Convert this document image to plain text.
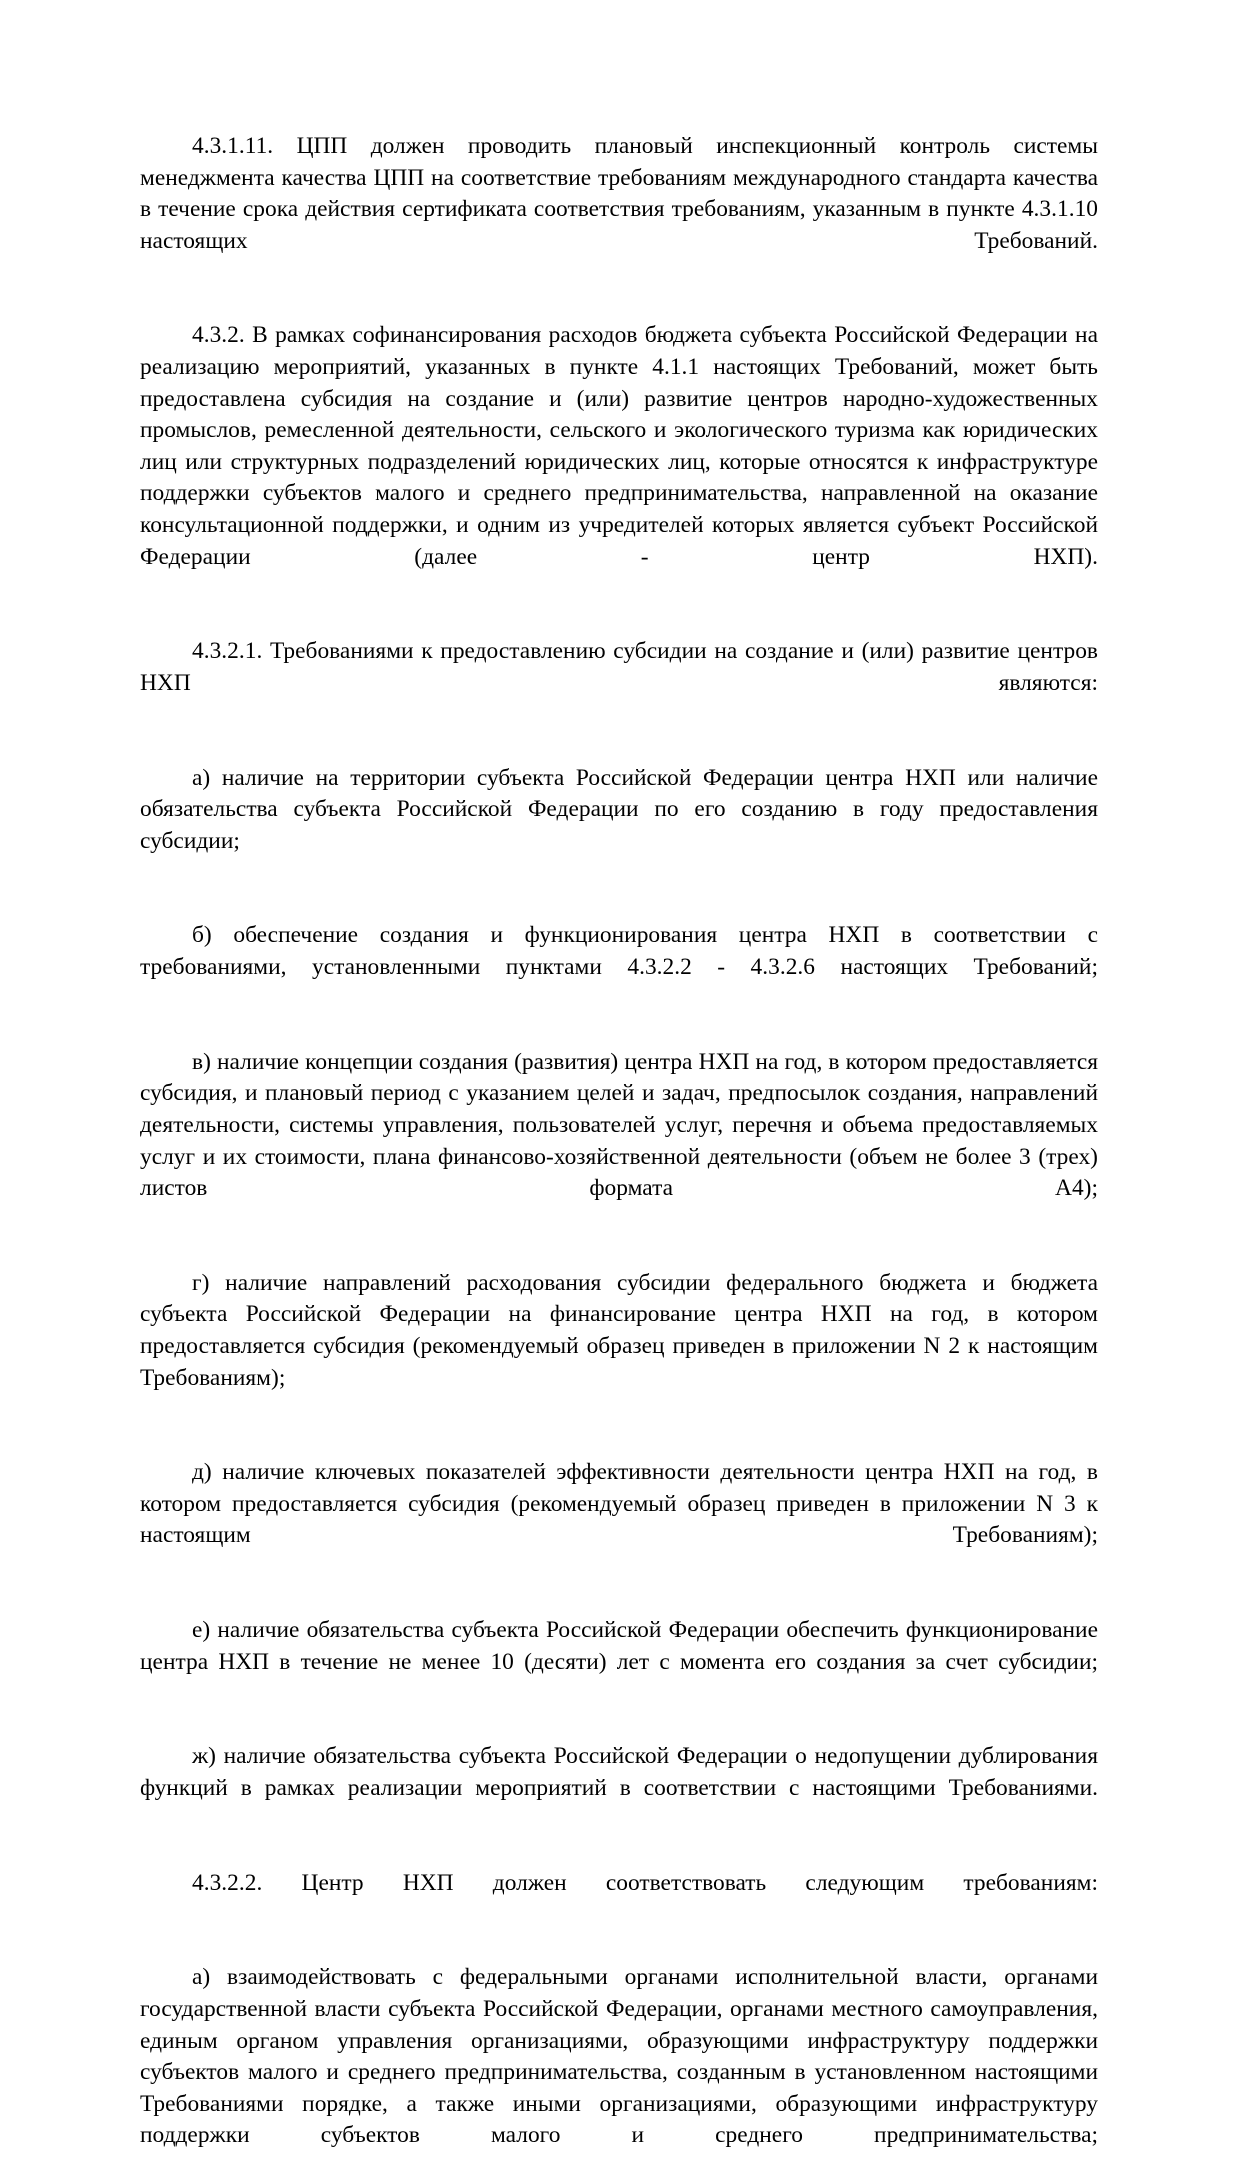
4.3.1.11. ЦПП должен проводить плановый инспекционный контроль системы менеджмента качества ЦПП на соответствие требованиям международного стандарта качества в течение срока действия сертификата соответствия требованиям, указанным в пункте 4.3.1.10 настоящих Требований.

4.3.2. В рамках софинансирования расходов бюджета субъекта Российской Федерации на реализацию мероприятий, указанных в пункте 4.1.1 настоящих Требований, может быть предоставлена субсидия на создание и (или) развитие центров народно-художественных промыслов, ремесленной деятельности, сельского и экологического туризма как юридических лиц или структурных подразделений юридических лиц, которые относятся к инфраструктуре поддержки субъектов малого и среднего предпринимательства, направленной на оказание консультационной поддержки, и одним из учредителей которых является субъект Российской Федерации (далее - центр НХП).

4.3.2.1. Требованиями к предоставлению субсидии на создание и (или) развитие центров НХП являются:

а) наличие на территории субъекта Российской Федерации центра НХП или наличие обязательства субъекта Российской Федерации по его созданию в году предоставления субсидии;

б) обеспечение создания и функционирования центра НХП в соответствии с требованиями, установленными пунктами 4.3.2.2 - 4.3.2.6 настоящих Требований;

в) наличие концепции создания (развития) центра НХП на год, в котором предоставляется субсидия, и плановый период с указанием целей и задач, предпосылок создания, направлений деятельности, системы управления, пользователей услуг, перечня и объема предоставляемых услуг и их стоимости, плана финансово-хозяйственной деятельности (объем не более 3 (трех) листов формата А4);

г) наличие направлений расходования субсидии федерального бюджета и бюджета субъекта Российской Федерации на финансирование центра НХП на год, в котором предоставляется субсидия (рекомендуемый образец приведен в приложении N 2 к настоящим Требованиям);

д) наличие ключевых показателей эффективности деятельности центра НХП на год, в котором предоставляется субсидия (рекомендуемый образец приведен в приложении N 3 к настоящим Требованиям);

е) наличие обязательства субъекта Российской Федерации обеспечить функционирование центра НХП в течение не менее 10 (десяти) лет с момента его создания за счет субсидии;

ж) наличие обязательства субъекта Российской Федерации о недопущении дублирования функций в рамках реализации мероприятий в соответствии с настоящими Требованиями.

4.3.2.2. Центр НХП должен соответствовать следующим требованиям:

а) взаимодействовать с федеральными органами исполнительной власти, органами государственной власти субъекта Российской Федерации, органами местного самоуправления, единым органом управления организациями, образующими инфраструктуру поддержки субъектов малого и среднего предпринимательства, созданным в установленном настоящими Требованиями порядке, а также иными организациями, образующими инфраструктуру поддержки субъектов малого и среднего предпринимательства;
